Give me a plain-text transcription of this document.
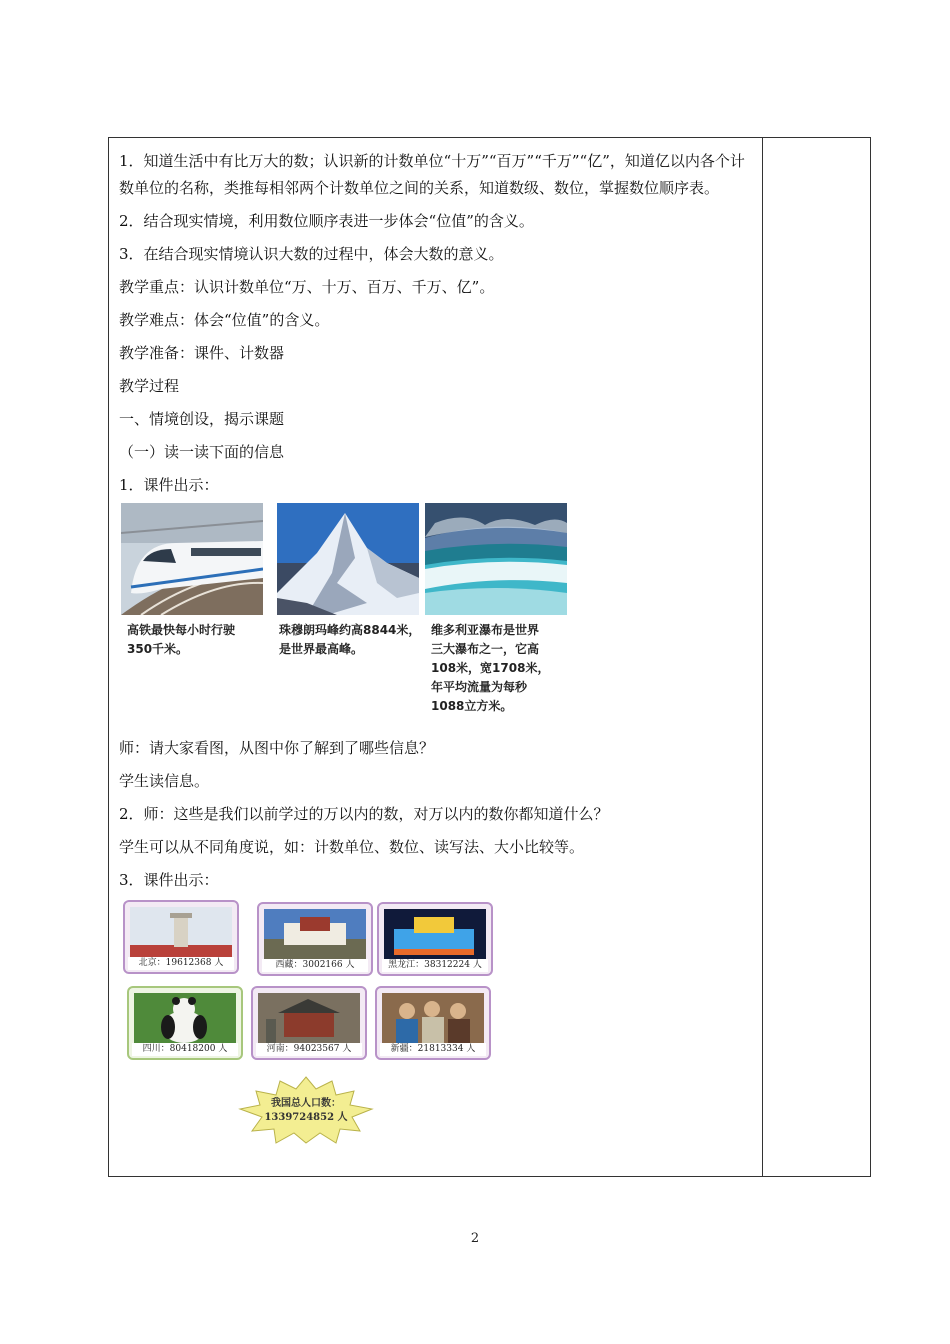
1．知道生活中有比万大的数；认识新的计数单位“十万”“百万”“千万”“亿”，知道亿以内各个计数单位的名称，类推每相邻两个计数单位之间的关系，知道数级、数位，掌握数位顺序表。

2．结合现实情境，利用数位顺序表进一步体会“位值”的含义。

3．在结合现实情境认识大数的过程中，体会大数的意义。

教学重点：认识计数单位“万、十万、百万、千万、亿”。

教学难点：体会“位值”的含义。

教学准备：课件、计数器

教学过程

一、情境创设，揭示课题

（一）读一读下面的信息

1．课件出示：

高铁最快每小时行驶
350千米。
珠穆朗玛峰约高8844米，
是世界最高峰。
维多利亚瀑布是世界
三大瀑布之一，它高
108米，宽1708米，
年平均流量为每秒
1088立方米。

师：请大家看图，从图中你了解到了哪些信息？

学生读信息。

2．师：这些是我们以前学过的万以内的数，对万以内的数你都知道什么？

学生可以从不同角度说，如：计数单位、数位、读写法、大小比较等。

3．课件出示：

北京：19612368 人	西藏：3002166 人	黑龙江：38312224 人
四川：80418200 人	河南：94023567 人	新疆：21813334 人
我国总人口数：
1339724852 人
2
